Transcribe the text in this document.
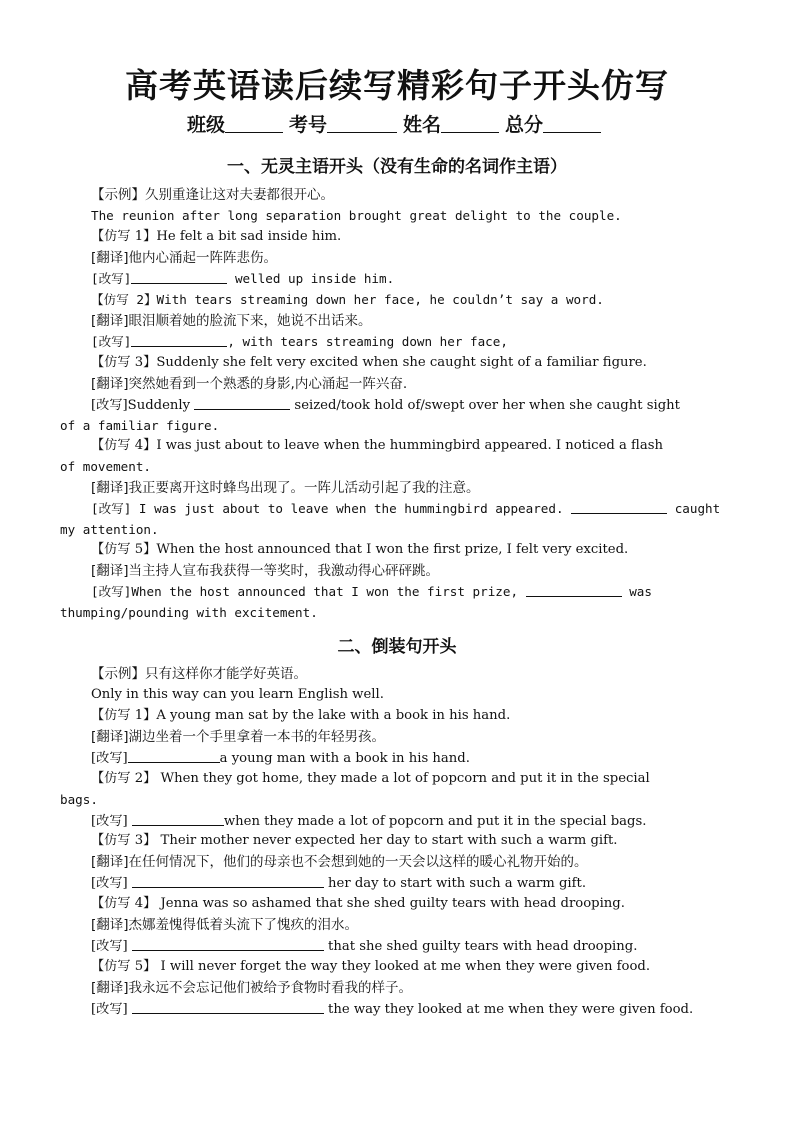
高考英语读后续写精彩句子开头仿写
班级	考号	姓名	总分
一、无灵主语开头（没有生命的名词作主语）
【示例】久别重逢让这对夫妻都很开心。
The reunion after long separation brought great delight to the couple.
【仿写 1】He felt a bit sad inside him.
[翻译]他内心涌起一阵阵悲伤。
[改写]	welled up inside him.
【仿写 2】With tears streaming down her face, he couldn’t say a word.
[翻译]眼泪顺着她的脸流下来，她说不出话来。
[改写]	, with tears streaming down her face,
【仿写 3】Suddenly she felt very excited when she caught sight of a familiar figure.
[翻译]突然她看到一个熟悉的身影,内心涌起一阵兴奋.
[改写]Suddenly	seized/took hold of/swept over her when she caught sight
of a familiar figure.
【仿写 4】I was just about to leave when the hummingbird appeared. I noticed a flash
of movement.
[翻译]我正要离开这时蜂鸟出现了。一阵儿活动引起了我的注意。
[改写] I was just about to leave when the hummingbird appeared.	caught
my attention.
【仿写 5】When the host announced that I won the first prize, I felt very excited.
[翻译]当主持人宣布我获得一等奖时，我激动得心砰砰跳。
[改写]When the host announced that I won the first prize,	was
thumping/pounding with excitement.
二、倒装句开头
【示例】只有这样你才能学好英语。
Only in this way can you learn English well.
【仿写 1】A young man sat by the lake with a book in his hand.
[翻译]湖边坐着一个手里拿着一本书的年轻男孩。
[改写]	a young man with a book in his hand.
【仿写 2】 When they got home, they made a lot of popcorn and put it in the special
bags.
[改写]	when they made a lot of popcorn and put it in the special bags.
【仿写 3】 Their mother never expected her day to start with such a warm gift.
[翻译]在任何情况下，他们的母亲也不会想到她的一天会以这样的暖心礼物开始的。
[改写]	her day to start with such a warm gift.
【仿写 4】 Jenna was so ashamed that she shed guilty tears with head drooping.
[翻译]杰娜羞愧得低着头流下了愧疚的泪水。
[改写]	that she shed guilty tears with head drooping.
【仿写 5】 I will never forget the way they looked at me when they were given food.
[翻译]我永远不会忘记他们被给予食物时看我的样子。
[改写]	the way they looked at me when they were given food.
